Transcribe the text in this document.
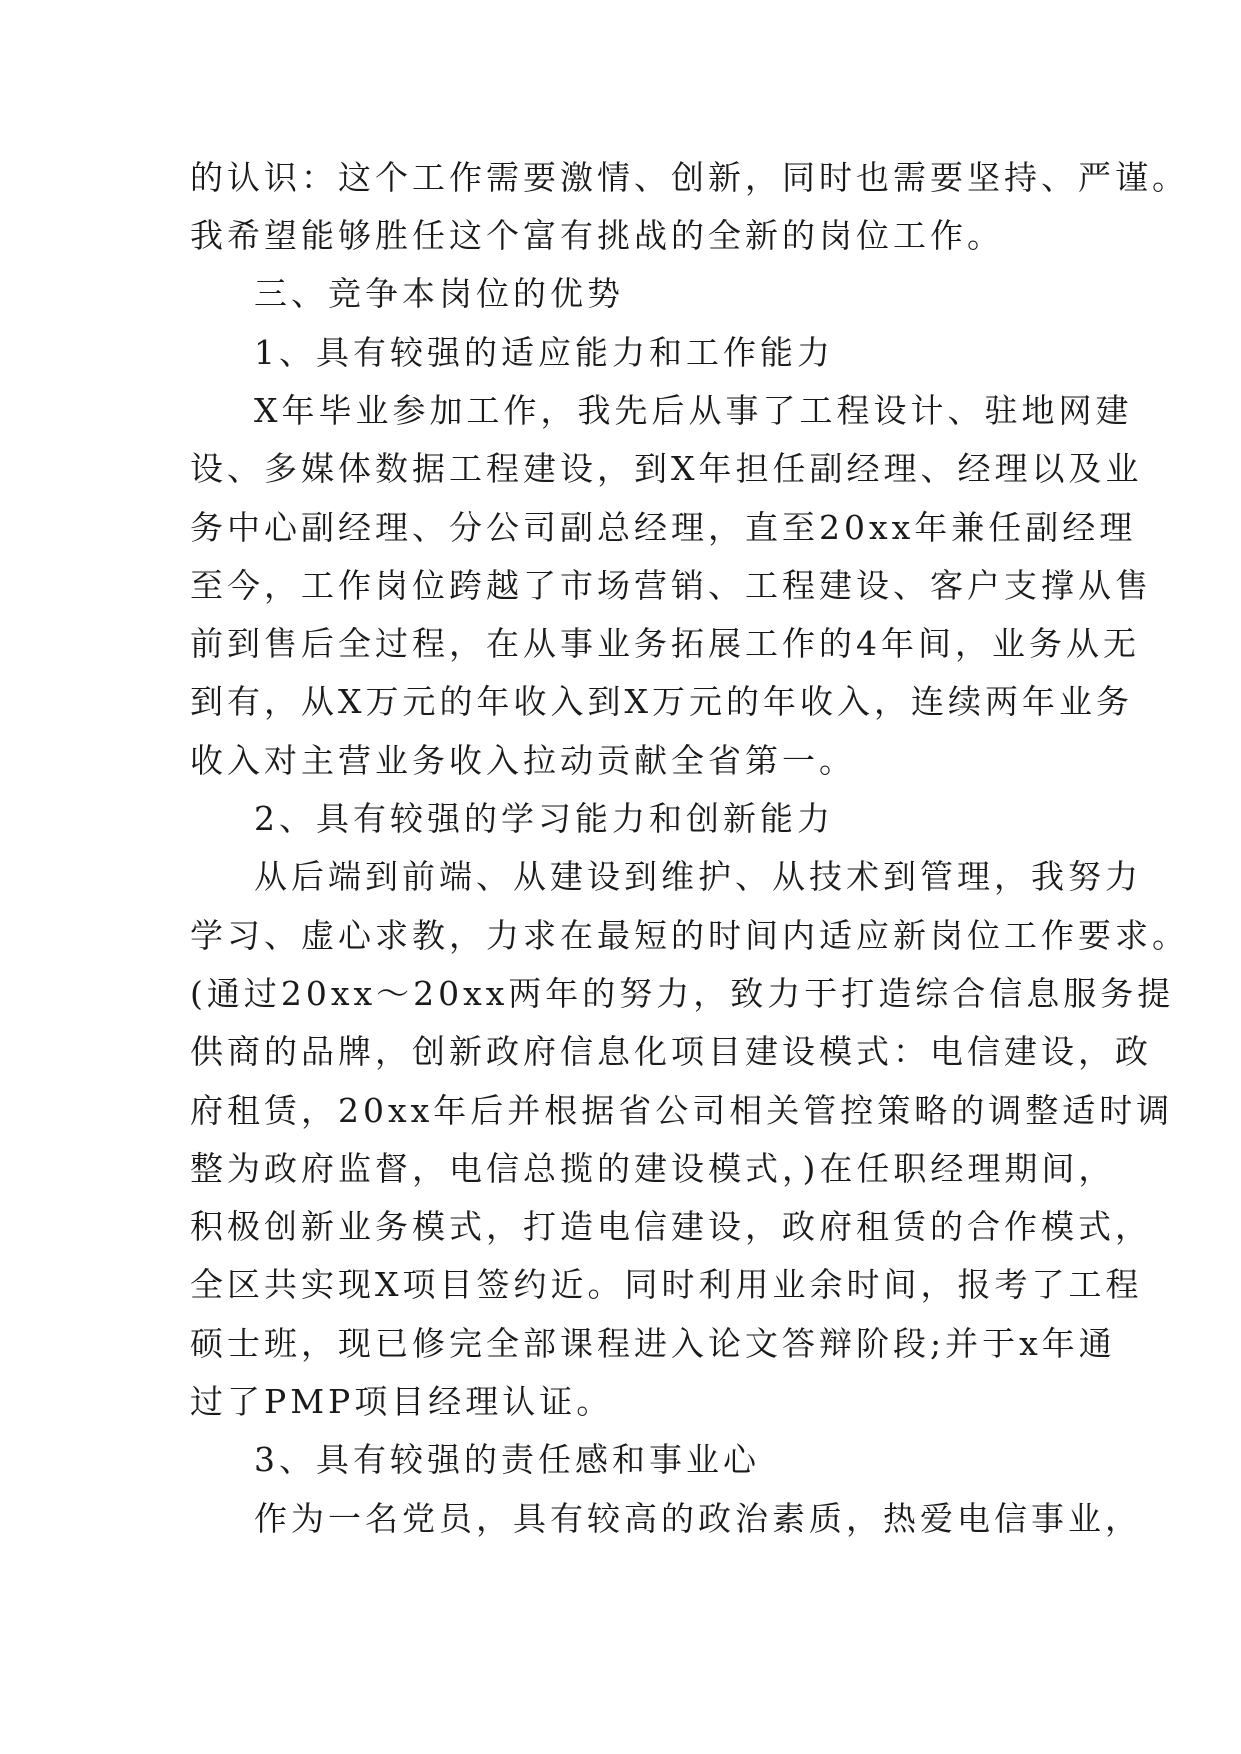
的认识：这个工作需要激情、创新，同时也需要坚持、严谨。
我希望能够胜任这个富有挑战的全新的岗位工作。
三、竞争本岗位的优势
1、具有较强的适应能力和工作能力
X年毕业参加工作，我先后从事了工程设计、驻地网建
设、多媒体数据工程建设，到X年担任副经理、经理以及业
务中心副经理、分公司副总经理，直至20xx年兼任副经理
至今，工作岗位跨越了市场营销、工程建设、客户支撑从售
前到售后全过程，在从事业务拓展工作的4年间，业务从无
到有，从X万元的年收入到X万元的年收入，连续两年业务
收入对主营业务收入拉动贡献全省第一。
2、具有较强的学习能力和创新能力
从后端到前端、从建设到维护、从技术到管理，我努力
学习、虚心求教，力求在最短的时间内适应新岗位工作要求。
(通过20xx～20xx两年的努力，致力于打造综合信息服务提
供商的品牌，创新政府信息化项目建设模式：电信建设，政
府租赁，20xx年后并根据省公司相关管控策略的调整适时调
整为政府监督，电信总揽的建设模式，)在任职经理期间，
积极创新业务模式，打造电信建设，政府租赁的合作模式，
全区共实现X项目签约近。同时利用业余时间，报考了工程
硕士班，现已修完全部课程进入论文答辩阶段;并于x年通
过了PMP项目经理认证。
3、具有较强的责任感和事业心
作为一名党员，具有较高的政治素质，热爱电信事业，
